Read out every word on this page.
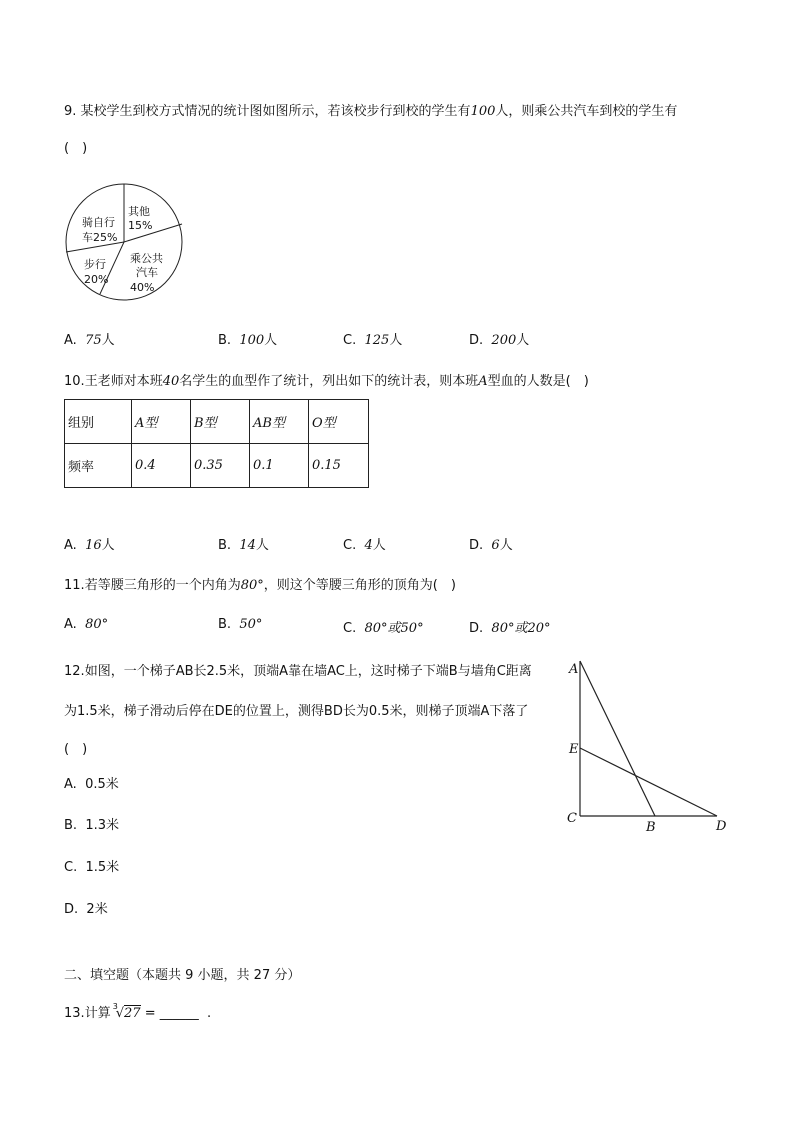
9. 某校学生到校方式情况的统计图如图所示，若该校步行到校的学生有100人，则乘公共汽车到校的学生有
(　)
其他
15%
乘公共
汽车
40%
步行
20%
骑自行
车25%
A. 75人	B. 100人	C. 125人	D. 200人
10.王老师对本班40名学生的血型作了统计，列出如下的统计表，则本班A型血的人数是(　)
组别	A型	B型	AB型	O型
频率	0.4	0.35	0.1	0.15
A. 16人	B. 14人	C. 4人	D. 6人
11.若等腰三角形的一个内角为80°，则这个等腰三角形的顶角为(　)
A. 80°	B. 50°	C. 80°或50°	D. 80°或20°
12.如图，一个梯子AB长2.5米，顶端A靠在墙AC上，这时梯子下端B与墙角C距离
为1.5米，梯子滑动后停在DE的位置上，测得BD长为0.5米，则梯子顶端A下落了
(　)
A. 0.5米
B. 1.3米
C. 1.5米
D. 2米
A
E
C
B	D
二、填空题（本题共 9 小题，共 27 分）
13.计算 3
√27 = ______ .
